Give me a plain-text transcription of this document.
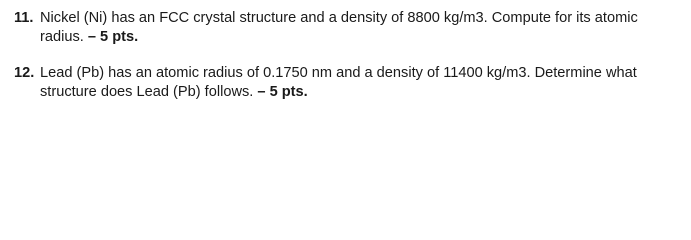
11. Nickel (Ni) has an FCC crystal structure and a density of 8800 kg/m3. Compute for its atomic radius. – 5 pts.
12. Lead (Pb) has an atomic radius of 0.1750 nm and a density of 11400 kg/m3. Determine what structure does Lead (Pb) follows. – 5 pts.
